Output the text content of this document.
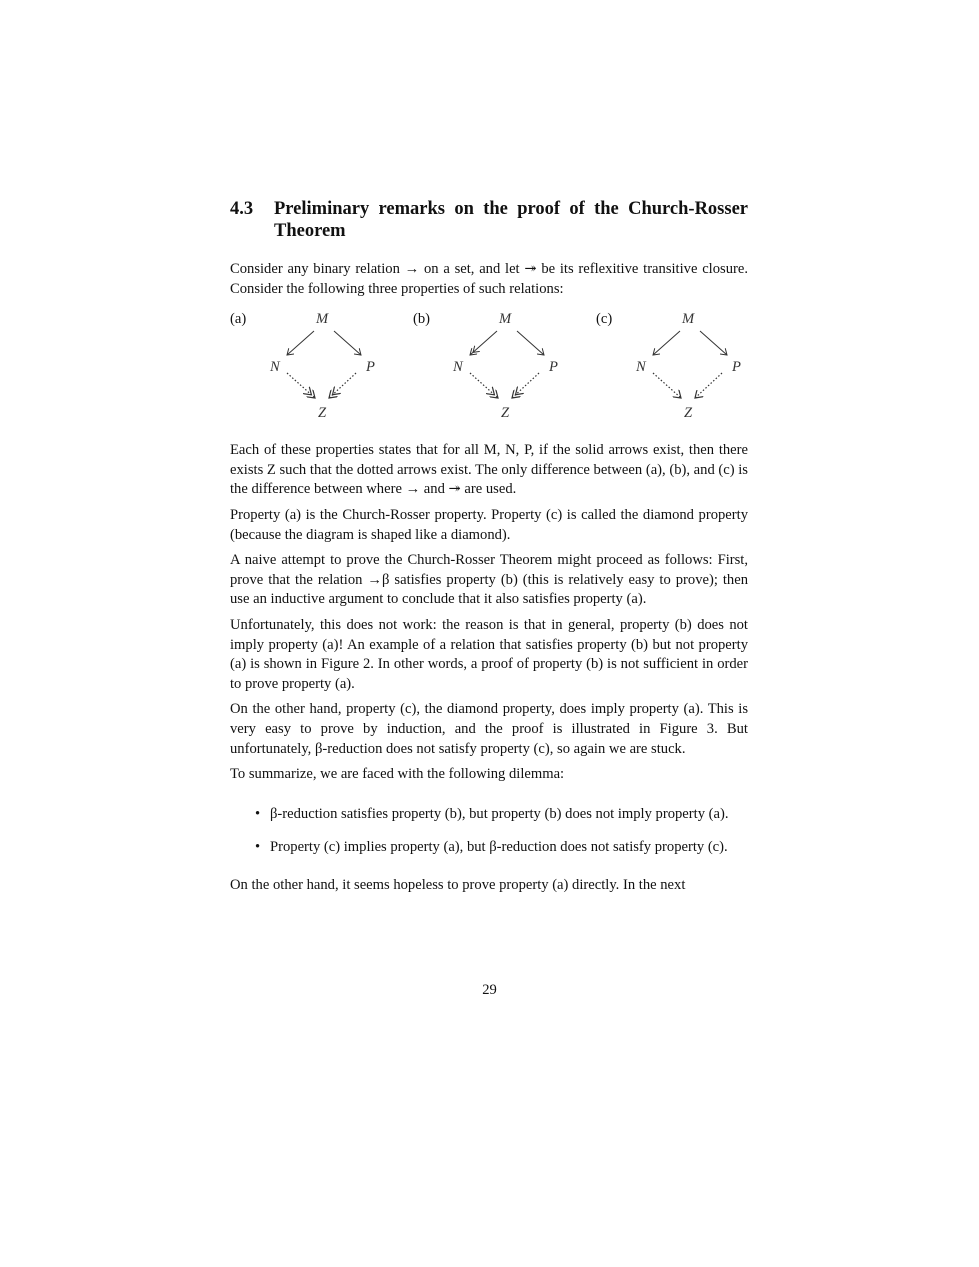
4.3	Preliminary remarks on the proof of the Church-Rosser Theorem

Consider any binary relation → on a set, and let ↠ be its reflexitive transitive closure. Consider the following three properties of such relations:

(a)	M
N	P
Z
(b)	M
N	P
Z
(c)	M
N	P
Z

Each of these properties states that for all M, N, P, if the solid arrows exist, then there exists Z such that the dotted arrows exist. The only difference between (a), (b), and (c) is the difference between where → and ↠ are used.

Property (a) is the Church-Rosser property. Property (c) is called the diamond property (because the diagram is shaped like a diamond).

A naive attempt to prove the Church-Rosser Theorem might proceed as follows: First, prove that the relation →β satisfies property (b) (this is relatively easy to prove); then use an inductive argument to conclude that it also satisfies property (a).

Unfortunately, this does not work: the reason is that in general, property (b) does not imply property (a)! An example of a relation that satisfies property (b) but not property (a) is shown in Figure 2. In other words, a proof of property (b) is not sufficient in order to prove property (a).

On the other hand, property (c), the diamond property, does imply property (a). This is very easy to prove by induction, and the proof is illustrated in Figure 3. But unfortunately, β-reduction does not satisfy property (c), so again we are stuck.

To summarize, we are faced with the following dilemma:

• β-reduction satisfies property (b), but property (b) does not imply property (a).
• Property (c) implies property (a), but β-reduction does not satisfy property (c).

On the other hand, it seems hopeless to prove property (a) directly. In the next

29
